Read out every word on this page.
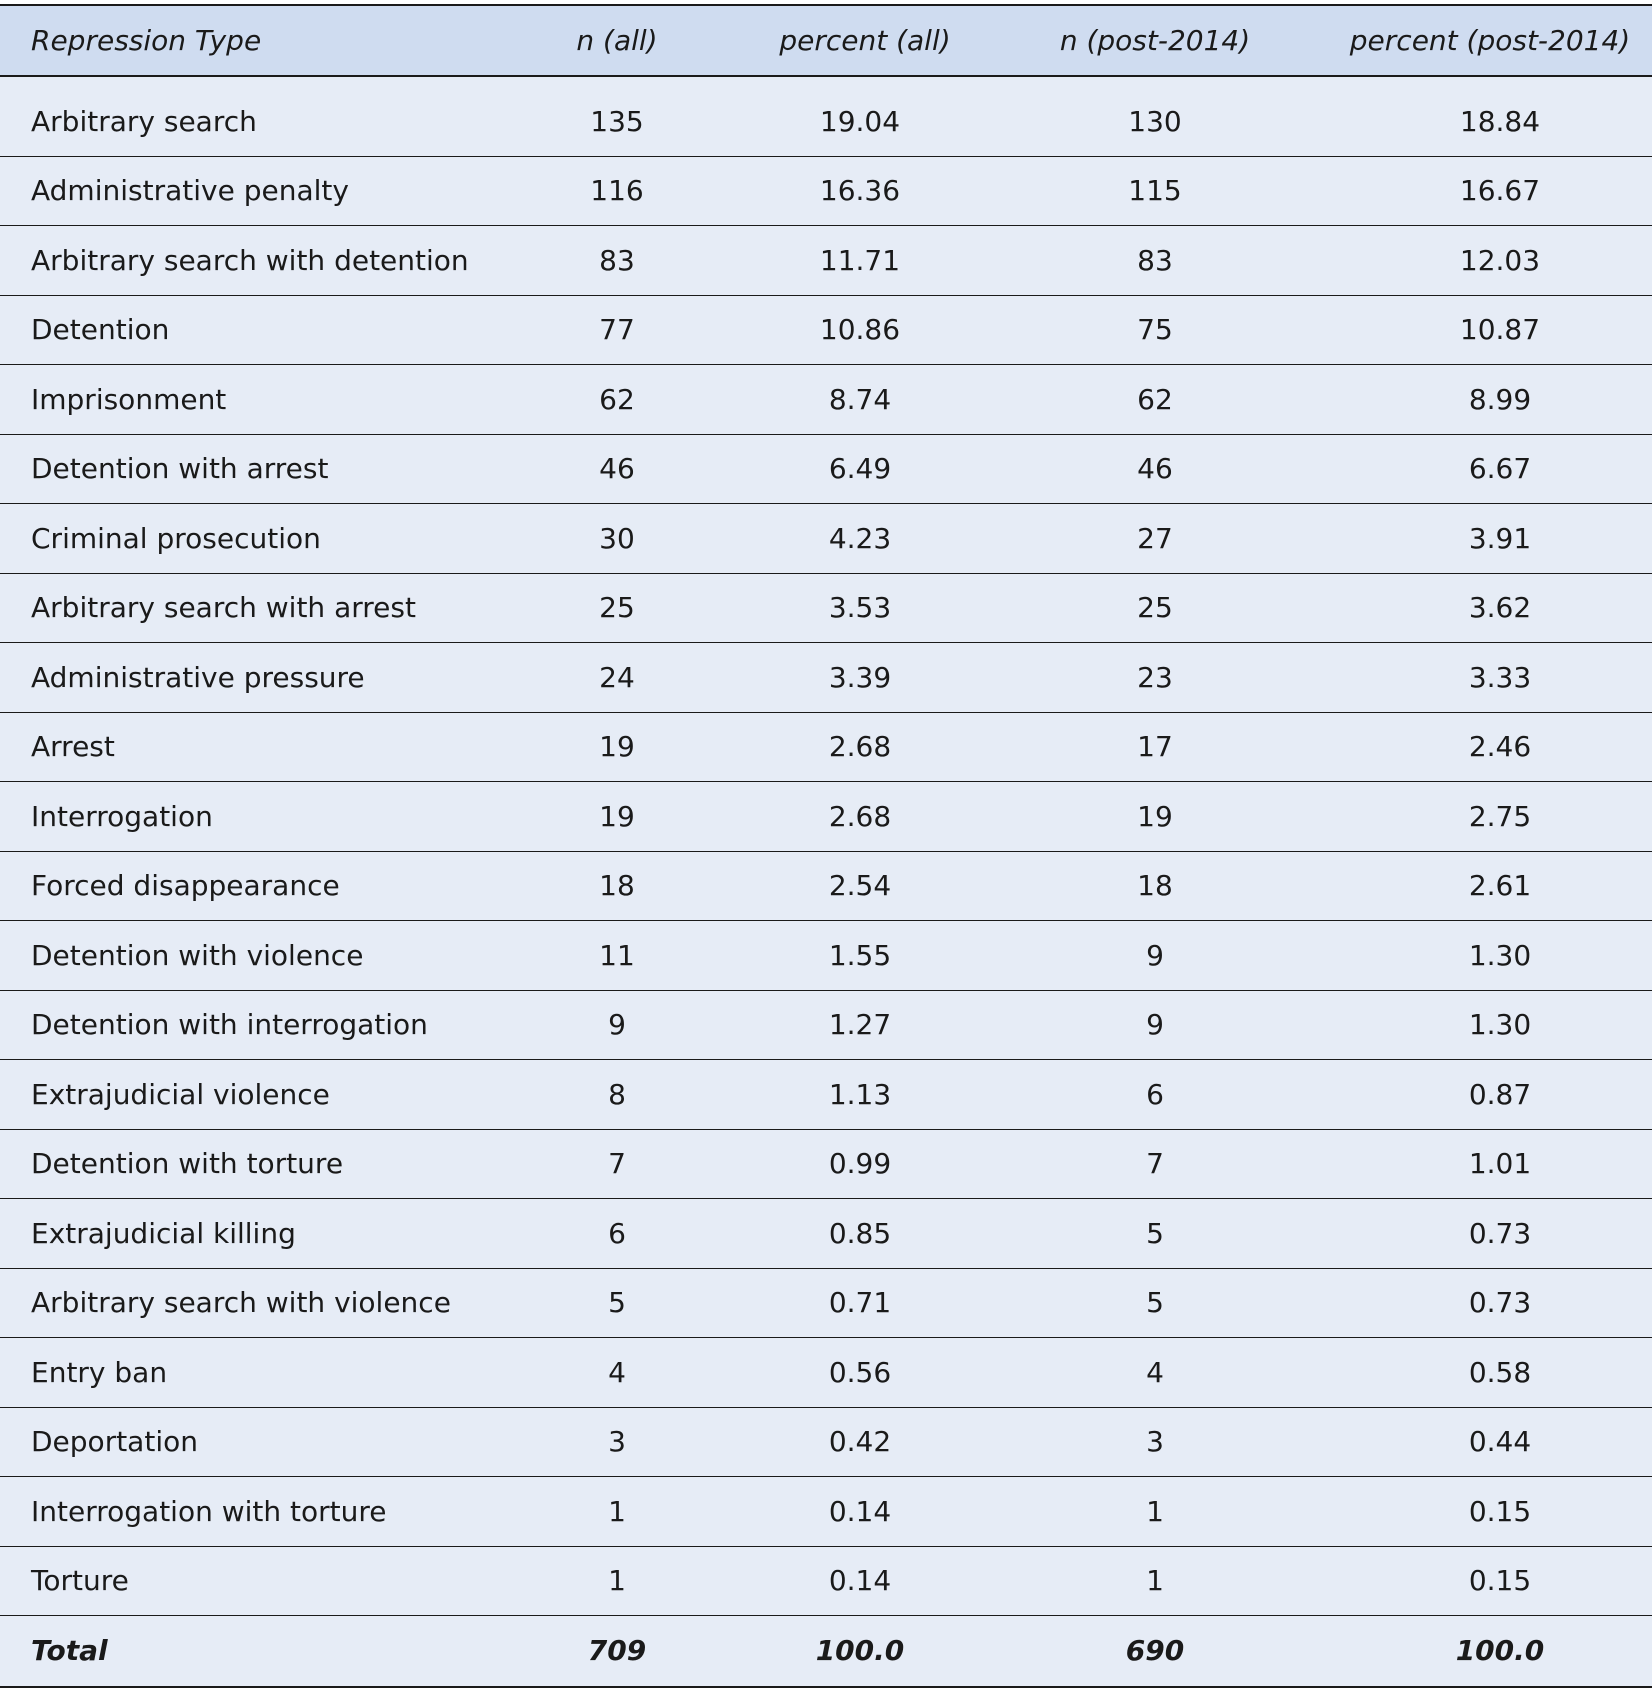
Repression Type	n (all)	percent (all)	n (post-2014)	percent (post-2014)
Arbitrary search	135	19.04	130	18.84
Administrative penalty	116	16.36	115	16.67
Arbitrary search with detention	83	11.71	83	12.03
Detention	77	10.86	75	10.87
Imprisonment	62	8.74	62	8.99
Detention with arrest	46	6.49	46	6.67
Criminal prosecution	30	4.23	27	3.91
Arbitrary search with arrest	25	3.53	25	3.62
Administrative pressure	24	3.39	23	3.33
Arrest	19	2.68	17	2.46
Interrogation	19	2.68	19	2.75
Forced disappearance	18	2.54	18	2.61
Detention with violence	11	1.55	9	1.30
Detention with interrogation	9	1.27	9	1.30
Extrajudicial violence	8	1.13	6	0.87
Detention with torture	7	0.99	7	1.01
Extrajudicial killing	6	0.85	5	0.73
Arbitrary search with violence	5	0.71	5	0.73
Entry ban	4	0.56	4	0.58
Deportation	3	0.42	3	0.44
Interrogation with torture	1	0.14	1	0.15
Torture	1	0.14	1	0.15
Total	709	100.0	690	100.0
